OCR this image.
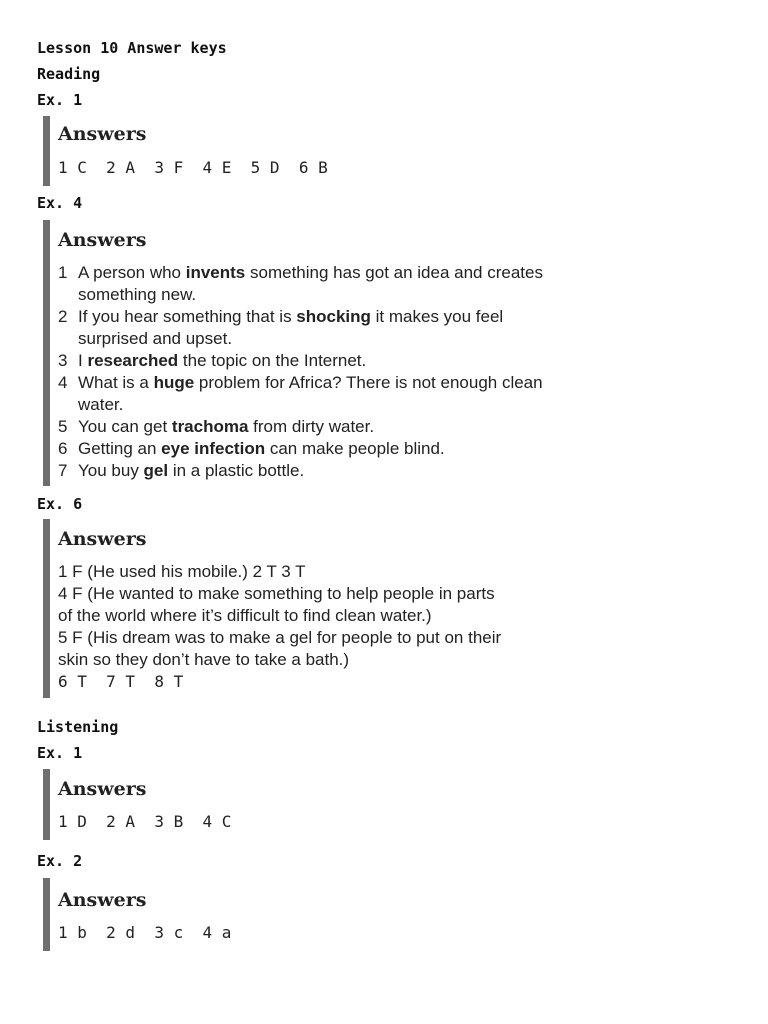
Lesson 10 Answer keys
Reading
Ex. 1
Answers
1 C  2 A  3 F  4 E  5 D  6 B
Ex. 4
Answers
1 A person who invents something has got an idea and creates something new.
2 If you hear something that is shocking it makes you feel surprised and upset.
3 I researched the topic on the Internet.
4 What is a huge problem for Africa? There is not enough clean water.
5 You can get trachoma from dirty water.
6 Getting an eye infection can make people blind.
7 You buy gel in a plastic bottle.
Ex. 6
Answers
1 F (He used his mobile.) 2 T 3 T
4 F (He wanted to make something to help people in parts
of the world where it’s difficult to find clean water.)
5 F (His dream was to make a gel for people to put on their
skin so they don’t have to take a bath.)
6 T  7 T  8 T
Listening
Ex. 1
Answers
1 D  2 A  3 B  4 C
Ex. 2
Answers
1 b  2 d  3 c  4 a
